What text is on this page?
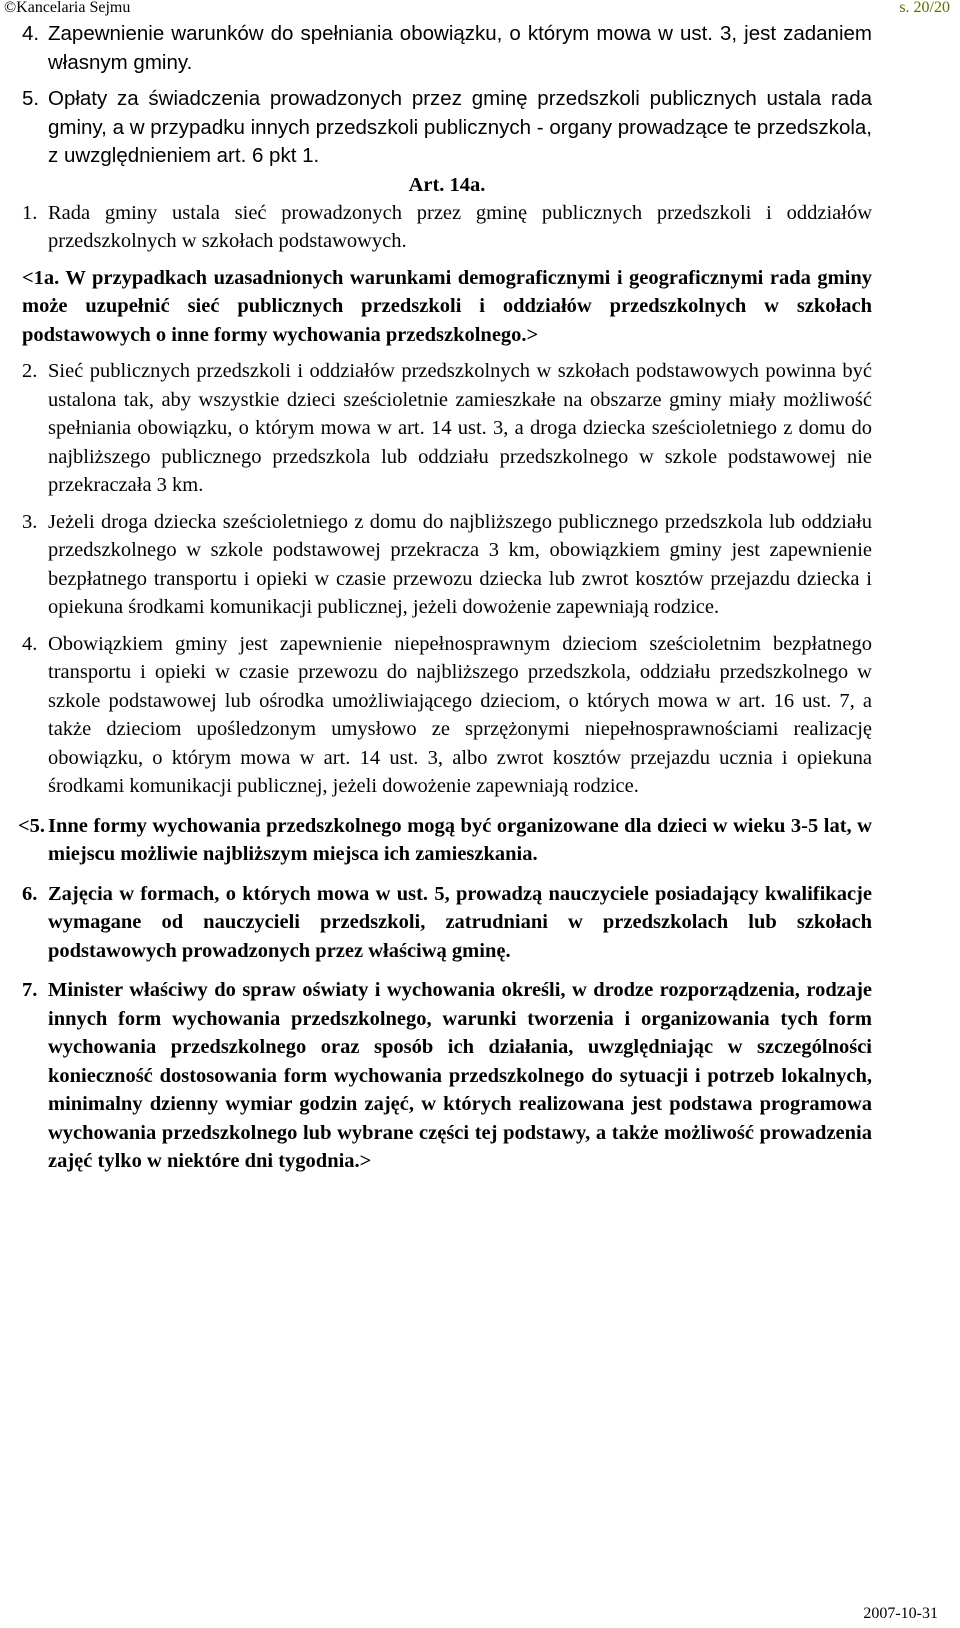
©Kancelaria Sejmu	s. 20/20

4. Zapewnienie warunków do spełniania obowiązku, o którym mowa w ust. 3, jest zadaniem własnym gminy.

5. Opłaty za świadczenia prowadzonych przez gminę przedszkoli publicznych ustala rada gminy, a w przypadku innych przedszkoli publicznych - organy prowadzące te przedszkola, z uwzględnieniem art. 6 pkt 1.

Art. 14a.

1. Rada gminy ustala sieć prowadzonych przez gminę publicznych przedszkoli i oddziałów przedszkolnych w szkołach podstawowych.

<1a. W przypadkach uzasadnionych warunkami demograficznymi i geograficznymi rada gminy może uzupełnić sieć publicznych przedszkoli i oddziałów przedszkolnych w szkołach podstawowych o inne formy wychowania przedszkolnego.>

2. Sieć publicznych przedszkoli i oddziałów przedszkolnych w szkołach podstawowych powinna być ustalona tak, aby wszystkie dzieci sześcioletnie zamieszkałe na obszarze gminy miały możliwość spełniania obowiązku, o którym mowa w art. 14 ust. 3, a droga dziecka sześcioletniego z domu do najbliższego publicznego przedszkola lub oddziału przedszkolnego w szkole podstawowej nie przekraczała 3 km.

3. Jeżeli droga dziecka sześcioletniego z domu do najbliższego publicznego przedszkola lub oddziału przedszkolnego w szkole podstawowej przekracza 3 km, obowiązkiem gminy jest zapewnienie bezpłatnego transportu i opieki w czasie przewozu dziecka lub zwrot kosztów przejazdu dziecka i opiekuna środkami komunikacji publicznej, jeżeli dowożenie zapewniają rodzice.

4. Obowiązkiem gminy jest zapewnienie niepełnosprawnym dzieciom sześcioletnim bezpłatnego transportu i opieki w czasie przewozu do najbliższego przedszkola, oddziału przedszkolnego w szkole podstawowej lub ośrodka umożliwiającego dzieciom, o których mowa w art. 16 ust. 7, a także dzieciom upośledzonym umysłowo ze sprzężonymi niepełnosprawnościami realizację obowiązku, o którym mowa w art. 14 ust. 3, albo zwrot kosztów przejazdu ucznia i opiekuna środkami komunikacji publicznej, jeżeli dowożenie zapewniają rodzice.

<5. Inne formy wychowania przedszkolnego mogą być organizowane dla dzieci w wieku 3-5 lat, w miejscu możliwie najbliższym miejsca ich zamieszkania.

6. Zajęcia w formach, o których mowa w ust. 5, prowadzą nauczyciele posiadający kwalifikacje wymagane od nauczycieli przedszkoli, zatrudniani w przedszkolach lub szkołach podstawowych prowadzonych przez właściwą gminę.

7. Minister właściwy do spraw oświaty i wychowania określi, w drodze rozporządzenia, rodzaje innych form wychowania przedszkolnego, warunki tworzenia i organizowania tych form wychowania przedszkolnego oraz sposób ich działania, uwzględniając w szczególności konieczność dostosowania form wychowania przedszkolnego do sytuacji i potrzeb lokalnych, minimalny dzienny wymiar godzin zajęć, w których realizowana jest podstawa programowa wychowania przedszkolnego lub wybrane części tej podstawy, a także możliwość prowadzenia zajęć tylko w niektóre dni tygodnia.>

2007-10-31
